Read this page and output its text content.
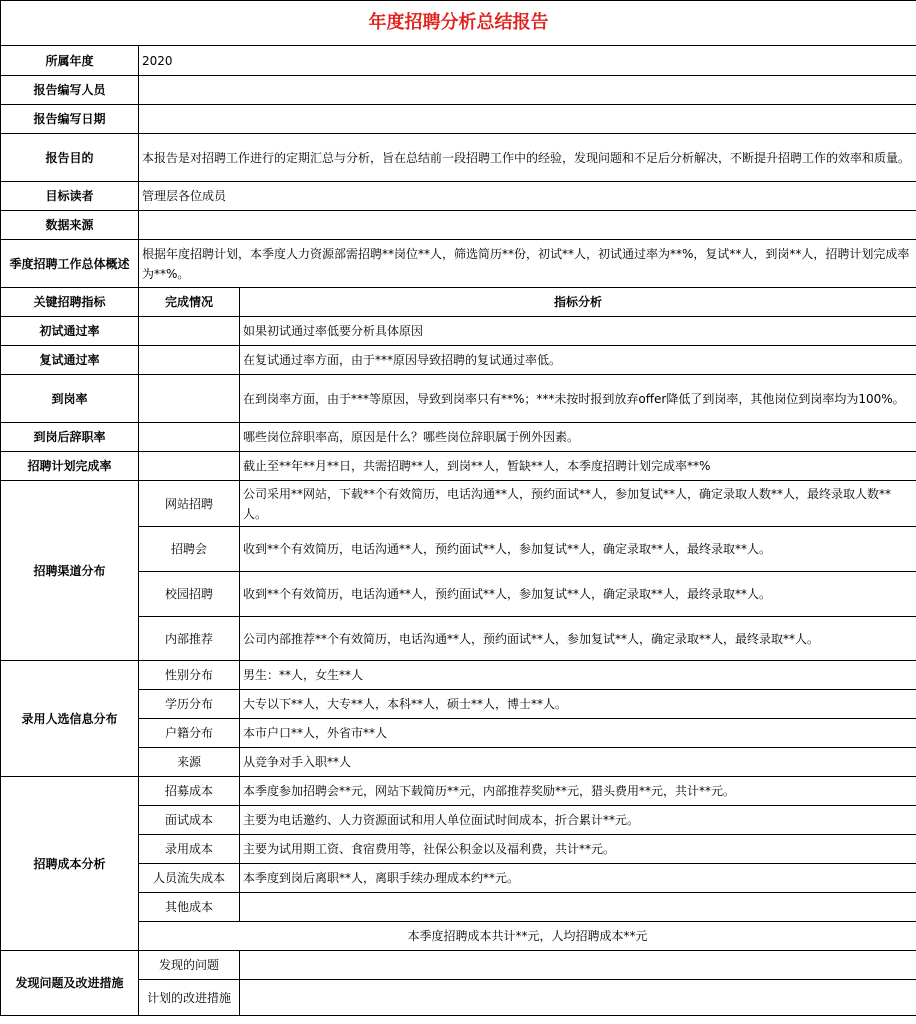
年度招聘分析总结报告		
所属年度	2020	
报告编写人员		
报告编写日期		
报告目的	本报告是对招聘工作进行的定期汇总与分析，旨在总结前一段招聘工作中的经验，发现问题和不足后分析解决，不断提升招聘工作的效率和质量。	
目标读者	管理层各位成员	
数据来源		
季度招聘工作总体概述	根据年度招聘计划，本季度人力资源部需招聘**岗位**人，筛选简历**份，初试**人，初试通过率为**%，复试**人，到岗**人，招聘计划完成率为**%。	
关键招聘指标	完成情况	指标分析
初试通过率		如果初试通过率低要分析具体原因
复试通过率		在复试通过率方面，由于***原因导致招聘的复试通过率低。
到岗率		在到岗率方面，由于***等原因，导致到岗率只有**%；***未按时报到放弃offer降低了到岗率，其他岗位到岗率均为100%。
到岗后辞职率		哪些岗位辞职率高，原因是什么？哪些岗位辞职属于例外因素。
招聘计划完成率		截止至**年**月**日，共需招聘**人，到岗**人，暂缺**人，本季度招聘计划完成率**%
招聘渠道分布	网站招聘	公司采用**网站，下载**个有效简历，电话沟通**人，预约面试**人，参加复试**人，确定录取人数**人，最终录取人数**人。
	招聘会	收到**个有效简历，电话沟通**人，预约面试**人，参加复试**人，确定录取**人，最终录取**人。
	校园招聘	收到**个有效简历，电话沟通**人，预约面试**人，参加复试**人，确定录取**人，最终录取**人。
	内部推荐	公司内部推荐**个有效简历，电话沟通**人，预约面试**人，参加复试**人，确定录取**人，最终录取**人。
录用人选信息分布	性别分布	男生：**人，女生**人
	学历分布	大专以下**人，大专**人，本科**人，硕士**人，博士**人。
	户籍分布	本市户口**人，外省市**人
	来源	从竞争对手入职**人
招聘成本分析	招募成本	本季度参加招聘会**元，网站下载简历**元，内部推荐奖励**元，猎头费用**元，共计**元。
	面试成本	主要为电话邀约、人力资源面试和用人单位面试时间成本，折合累计**元。
	录用成本	主要为试用期工资、食宿费用等，社保公积金以及福利费，共计**元。
	人员流失成本	本季度到岗后离职**人，离职手续办理成本约**元。
	其他成本	
	本季度招聘成本共计**元，人均招聘成本**元	
发现问题及改进措施	发现的问题	
	计划的改进措施	
